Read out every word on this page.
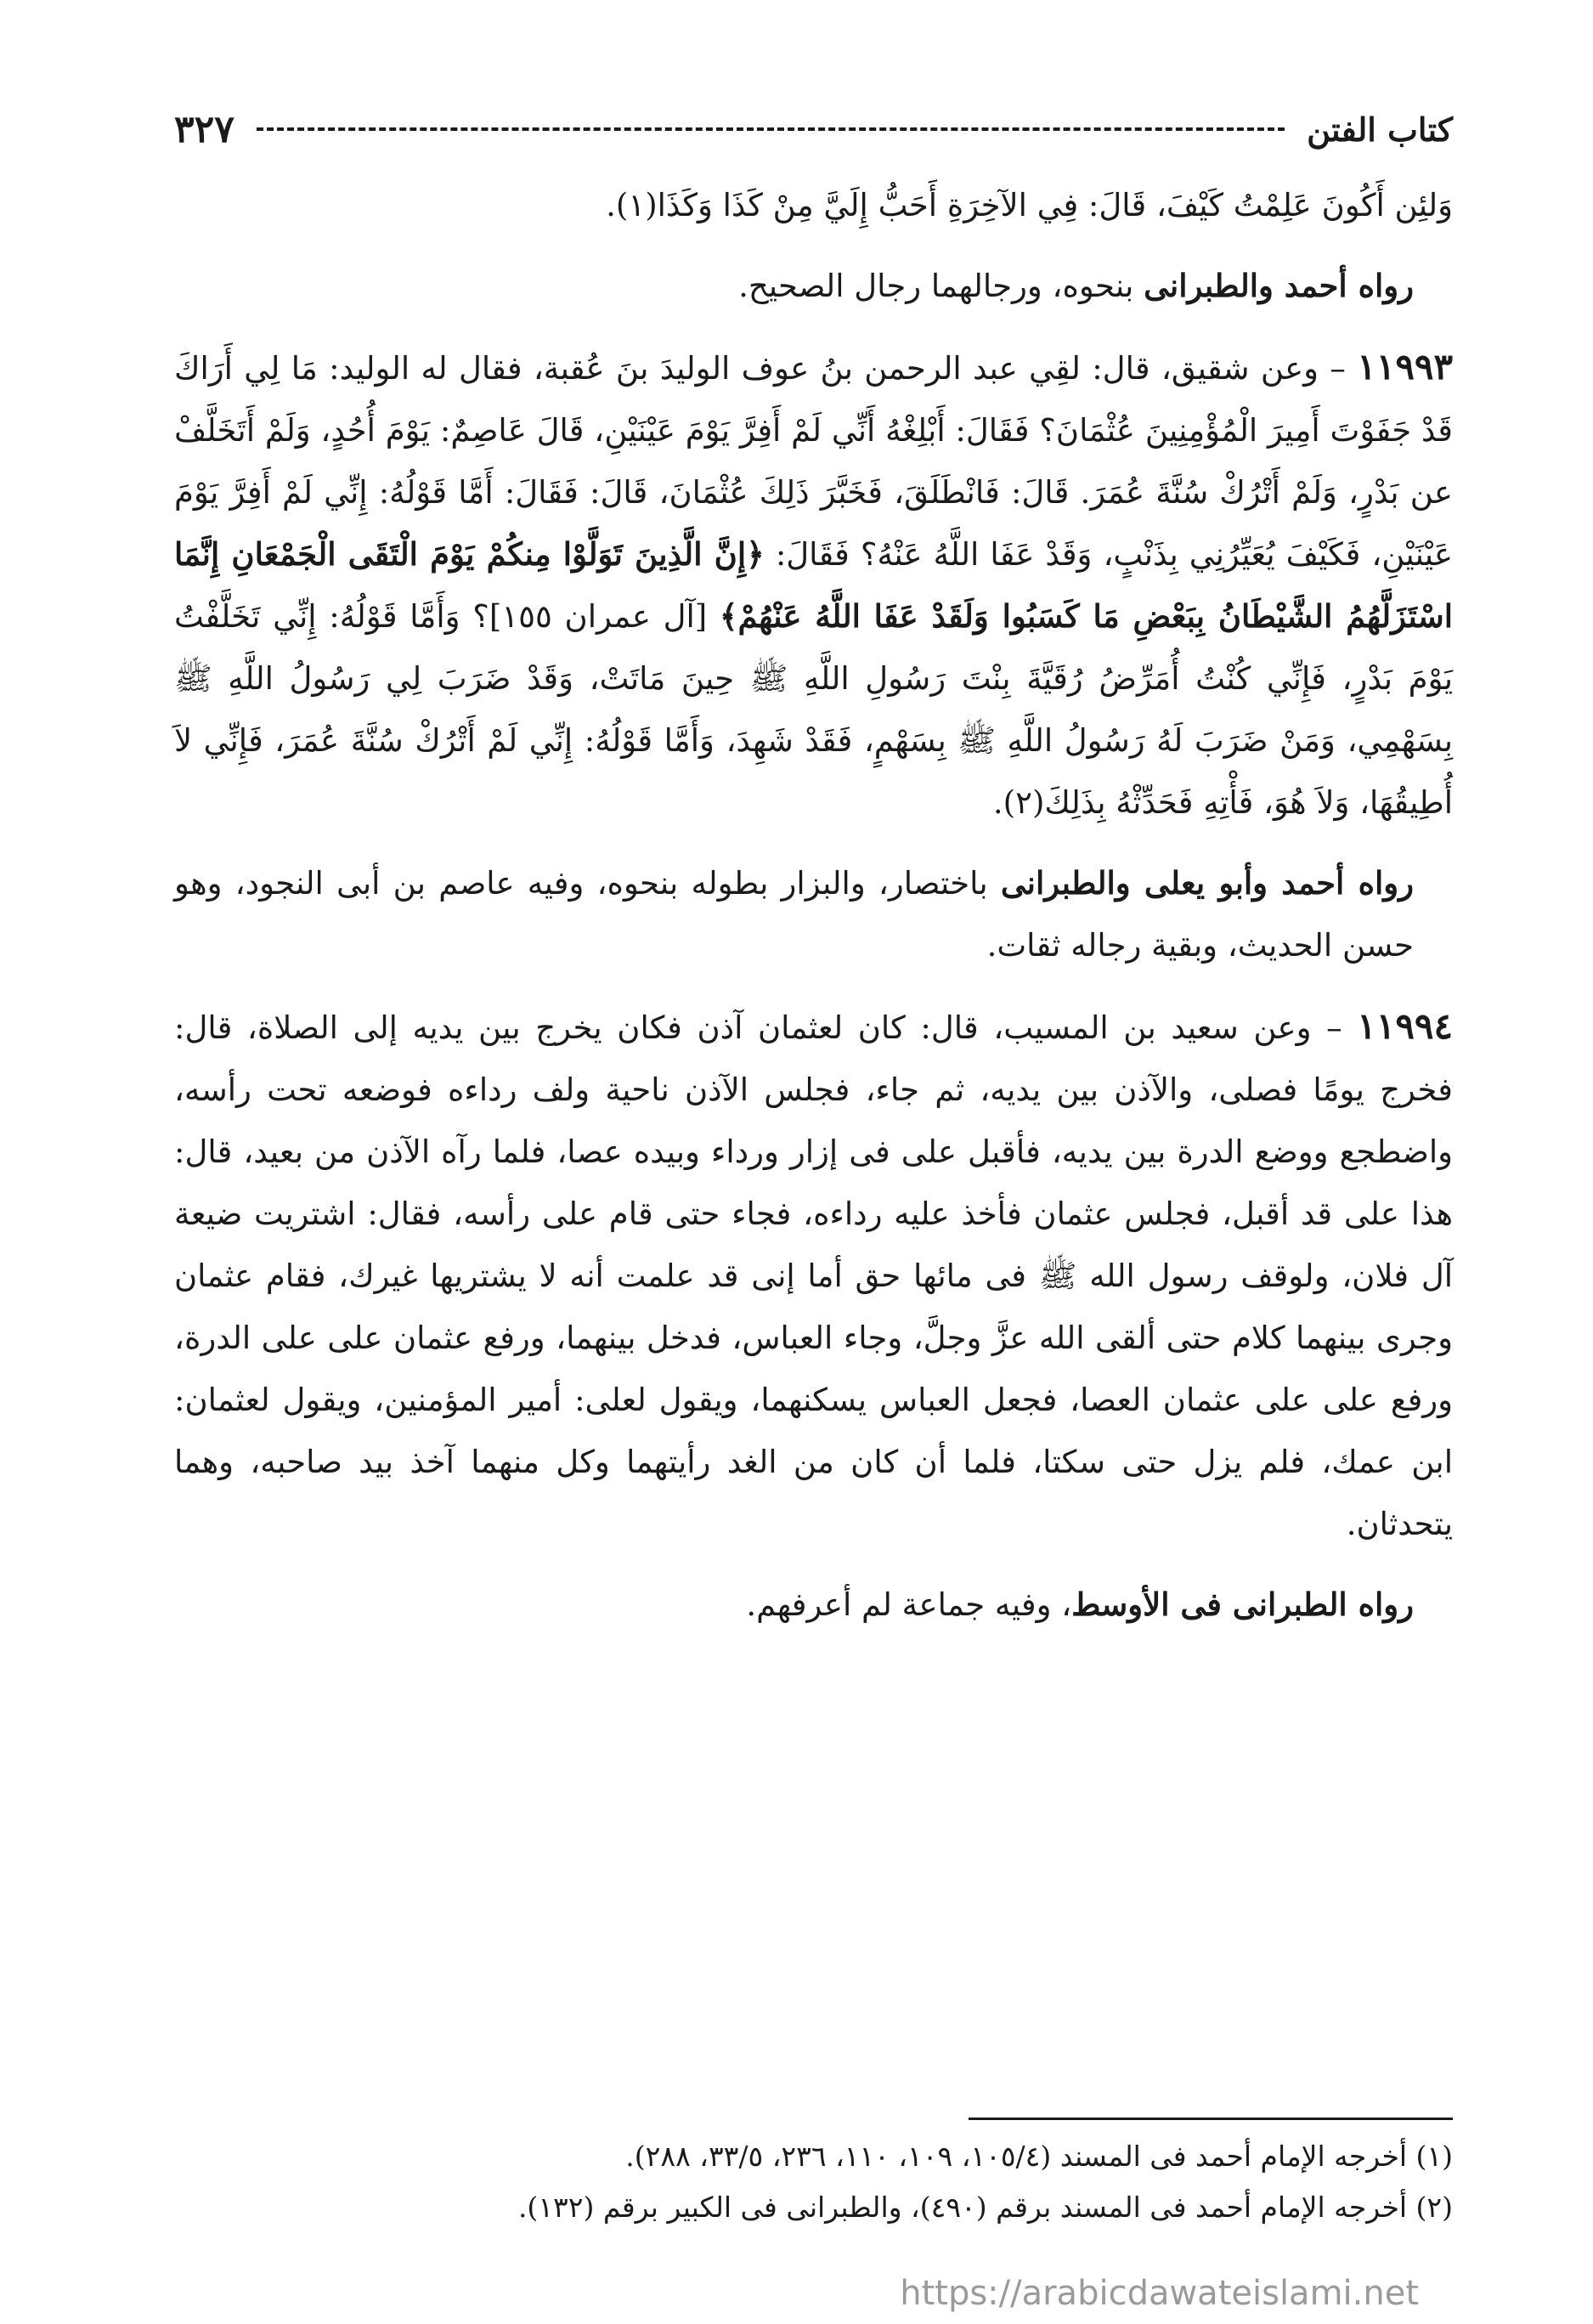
كتاب الفتن
٣٢٧

وَلئِن أَكُونَ عَلِمْتُ كَيْفَ، قَالَ: فِي الآخِرَةِ أَحَبُّ إِلَيَّ مِنْ كَذَا وَكَذَا(١).

رواه أحمد والطبرانى بنحوه، ورجالهما رجال الصحيح.

١١٩٩٣ – وعن شقيق، قال: لقِي عبد الرحمن بنُ عوف الوليدَ بنَ عُقبة، فقال له الوليد: مَا لِي أَرَاكَ قَدْ جَفَوْتَ أَمِيرَ الْمُؤْمِنِينَ عُثْمَانَ؟ فَقَالَ: أَبْلِغْهُ أَنِّي لَمْ أَفِرَّ يَوْمَ عَيْنَيْنِ، قَالَ عَاصِمٌ: يَوْمَ أُحُدٍ، وَلَمْ أَتَخَلَّفْ عن بَدْرٍ، وَلَمْ أَتْرُكْ سُنَّةَ عُمَرَ. قَالَ: فَانْطَلَقَ، فَخَبَّرَ ذَلِكَ عُثْمَانَ، قَالَ: فَقَالَ: أَمَّا قَوْلُهُ: إِنِّي لَمْ أَفِرَّ يَوْمَ عَيْنَيْنِ، فَكَيْفَ يُعَيِّرُنِي بِذَنْبٍ، وَقَدْ عَفَا اللَّهُ عَنْهُ؟ فَقَالَ: ﴿إِنَّ الَّذِينَ تَوَلَّوْا مِنكُمْ يَوْمَ الْتَقَى الْجَمْعَانِ إِنَّمَا اسْتَزَلَّهُمُ الشَّيْطَانُ بِبَعْضِ مَا كَسَبُوا وَلَقَدْ عَفَا اللَّهُ عَنْهُمْ﴾ [آل عمران ١٥٥]؟ وَأَمَّا قَوْلُهُ: إِنِّي تَخَلَّفْتُ يَوْمَ بَدْرٍ، فَإِنِّي كُنْتُ أُمَرِّضُ رُقَيَّةَ بِنْتَ رَسُولِ اللَّهِ ﷺ حِينَ مَاتَتْ، وَقَدْ ضَرَبَ لِي رَسُولُ اللَّهِ ﷺ بِسَهْمِي، وَمَنْ ضَرَبَ لَهُ رَسُولُ اللَّهِ ﷺ بِسَهْمٍ، فَقَدْ شَهِدَ، وَأَمَّا قَوْلُهُ: إِنِّي لَمْ أَتْرُكْ سُنَّةَ عُمَرَ، فَإِنِّي لاَ أُطِيقُهَا، وَلاَ هُوَ، فَأْتِهِ فَحَدِّثْهُ بِذَلِكَ(٢).

رواه أحمد وأبو يعلى والطبرانى باختصار، والبزار بطوله بنحوه، وفيه عاصم بن أبى النجود، وهو حسن الحديث، وبقية رجاله ثقات.

١١٩٩٤ – وعن سعيد بن المسيب، قال: كان لعثمان آذن فكان يخرج بين يديه إلى الصلاة، قال: فخرج يومًا فصلى، والآذن بين يديه، ثم جاء، فجلس الآذن ناحية ولف رداءه فوضعه تحت رأسه، واضطجع ووضع الدرة بين يديه، فأقبل على فى إزار ورداء وبيده عصا، فلما رآه الآذن من بعيد، قال: هذا على قد أقبل، فجلس عثمان فأخذ عليه رداءه، فجاء حتى قام على رأسه، فقال: اشتريت ضيعة آل فلان، ولوقف رسول الله ﷺ فى مائها حق أما إنى قد علمت أنه لا يشتريها غيرك، فقام عثمان وجرى بينهما كلام حتى ألقى الله عزَّ وجلَّ، وجاء العباس، فدخل بينهما، ورفع عثمان على على الدرة، ورفع على على عثمان العصا، فجعل العباس يسكنهما، ويقول لعلى: أمير المؤمنين، ويقول لعثمان: ابن عمك، فلم يزل حتى سكتا، فلما أن كان من الغد رأيتهما وكل منهما آخذ بيد صاحبه، وهما يتحدثان.

رواه الطبرانى فى الأوسط، وفيه جماعة لم أعرفهم.

(١) أخرجه الإمام أحمد فى المسند (١٠٥/٤، ١٠٩، ١١٠، ٢٣٦، ٣٣/٥، ٢٨٨).

(٢) أخرجه الإمام أحمد فى المسند برقم (٤٩٠)، والطبرانى فى الكبير برقم (١٣٢).

https://arabicdawateislami.net
